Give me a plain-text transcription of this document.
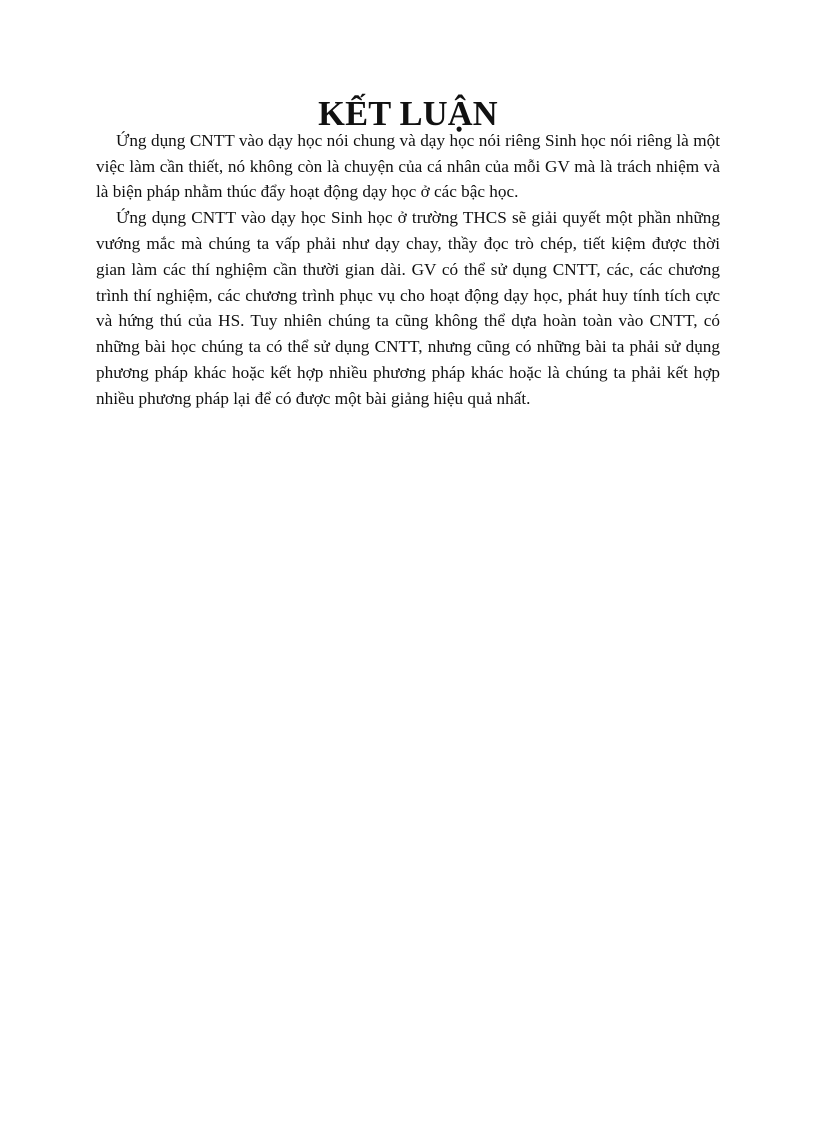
KẾT LUẬN

Ứng dụng CNTT vào dạy học nói chung và dạy học nói riêng Sinh học nói riêng là một việc làm cần thiết, nó không còn là chuyện của cá nhân của mỗi GV mà là trách nhiệm và là biện pháp nhằm thúc đẩy hoạt động dạy học ở các bậc học.

Ứng dụng CNTT vào dạy học Sinh học ở trường THCS sẽ giải quyết một phần những vướng mắc mà chúng ta vấp phải như dạy chay, thầy đọc trò chép, tiết kiệm được thời gian làm các thí nghiệm cần thười gian dài. GV có thể sử dụng CNTT, các, các chương trình thí nghiệm, các chương trình phục vụ cho hoạt động dạy học, phát huy tính tích cực và hứng thú của HS. Tuy nhiên chúng ta cũng không thể dựa hoàn toàn vào CNTT, có những bài học chúng ta có thể sử dụng CNTT, nhưng cũng có những bài ta phải sử dụng phương pháp khác hoặc kết hợp nhiều phương pháp khác hoặc là chúng ta phải kết hợp nhiều phương pháp lại để có được một bài giảng hiệu quả nhất.
